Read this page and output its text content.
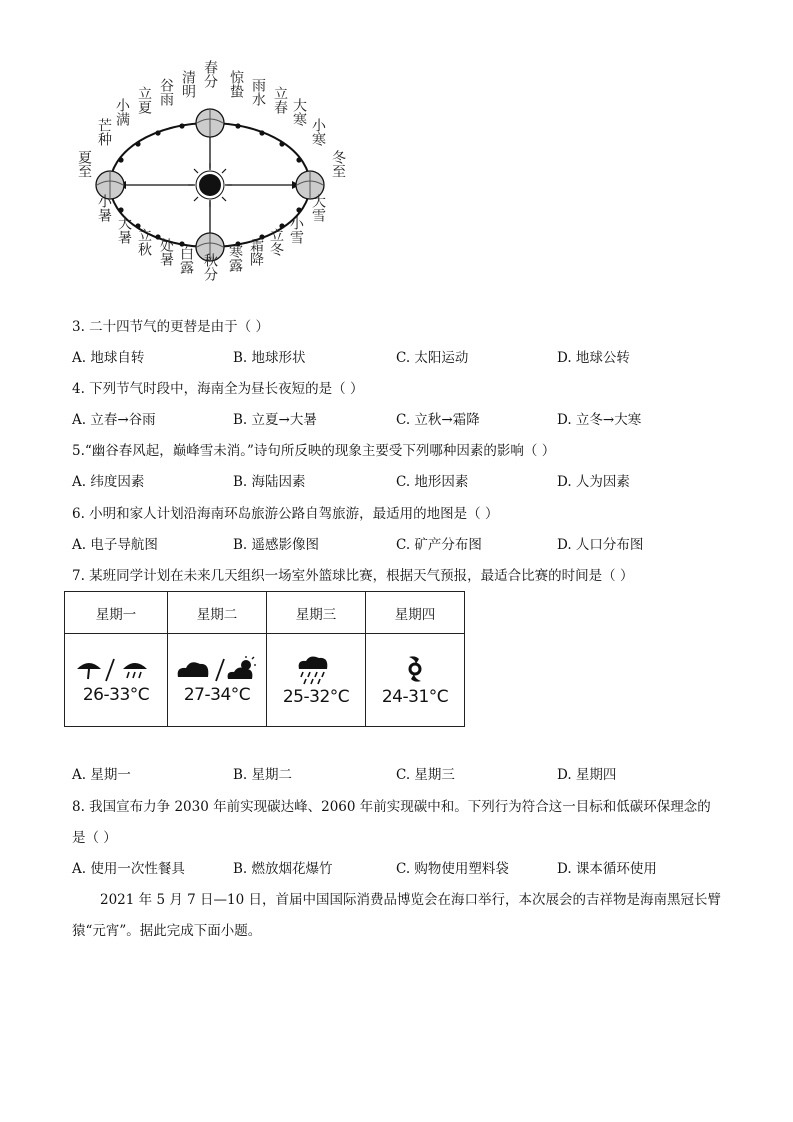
春分 惊蛰 雨水 立春 大寒
小寒
冬至
大雪
小雪
立冬
霜降
寒露
秋分
白露
处暑
立秋
大暑
小暑
夏至
芒种
小满 立夏 谷雨 清明
3. 二十四节气的更替是由于（ ）
A. 地球自转	B. 地球形状	C. 太阳运动	D. 地球公转
4. 下列节气时段中，海南全为昼长夜短的是（ ）
A. 立春→谷雨	B. 立夏→大暑	C. 立秋→霜降	D. 立冬→大寒
5.“幽谷春风起，巅峰雪未消。”诗句所反映的现象主要受下列哪种因素的影响（ ）
A. 纬度因素	B. 海陆因素	C. 地形因素	D. 人为因素
6. 小明和家人计划沿海南环岛旅游公路自驾旅游，最适用的地图是（ ）
A. 电子导航图	B. 遥感影像图	C. 矿产分布图	D. 人口分布图
7. 某班同学计划在未来几天组织一场室外篮球比赛，根据天气预报，最适合比赛的时间是（ ）
星期一	星期二	星期三	星期四

26-33°C	27-34°C	25-32°C	24-31°C
A. 星期一	B. 星期二	C. 星期三	D. 星期四
8. 我国宣布力争 2030 年前实现碳达峰、2060 年前实现碳中和。下列行为符合这一目标和低碳环保理念的
是（ ）
A. 使用一次性餐具	B. 燃放烟花爆竹	C. 购物使用塑料袋	D. 课本循环使用
2021 年 5 月 7 日—10 日，首届中国国际消费品博览会在海口举行，本次展会的吉祥物是海南黑冠长臂
猿“元宵”。据此完成下面小题。
